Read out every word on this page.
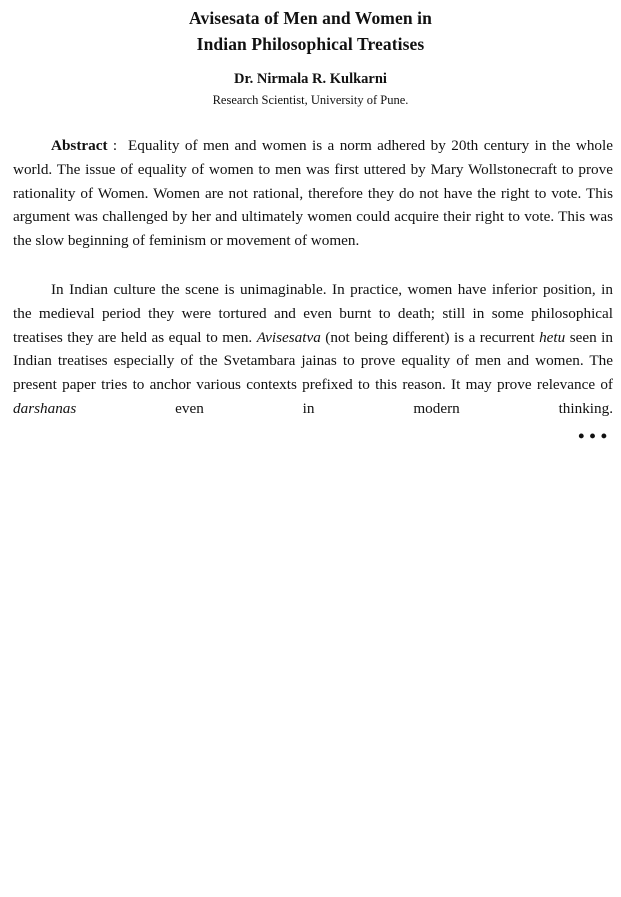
Avisesata of Men and Women in
Indian Philosophical Treatises
Dr. Nirmala R. Kulkarni
Research Scientist, University of Pune.

Abstract :  Equality of men and women is a norm adhered by 20th century in the whole world. The issue of equality of women to men was first uttered by Mary Wollstonecraft to prove rationality of Women. Women are not rational, therefore they do not have the right to vote. This argument was challenged by her and ultimately women could acquire their right to vote. This was the slow beginning of feminism or movement of women.

In Indian culture the scene is unimaginable. In practice, women have inferior position, in the medieval period they were tortured and even burnt to death; still in some philosophical treatises they are held as equal to men. Avisesatva (not being different) is a recurrent hetu seen in Indian treatises especially of the Svetambara jainas to prove equality of men and women. The present paper tries to anchor various contexts prefixed to this reason. It may prove relevance of darshanas even in modern thinking.

•••
